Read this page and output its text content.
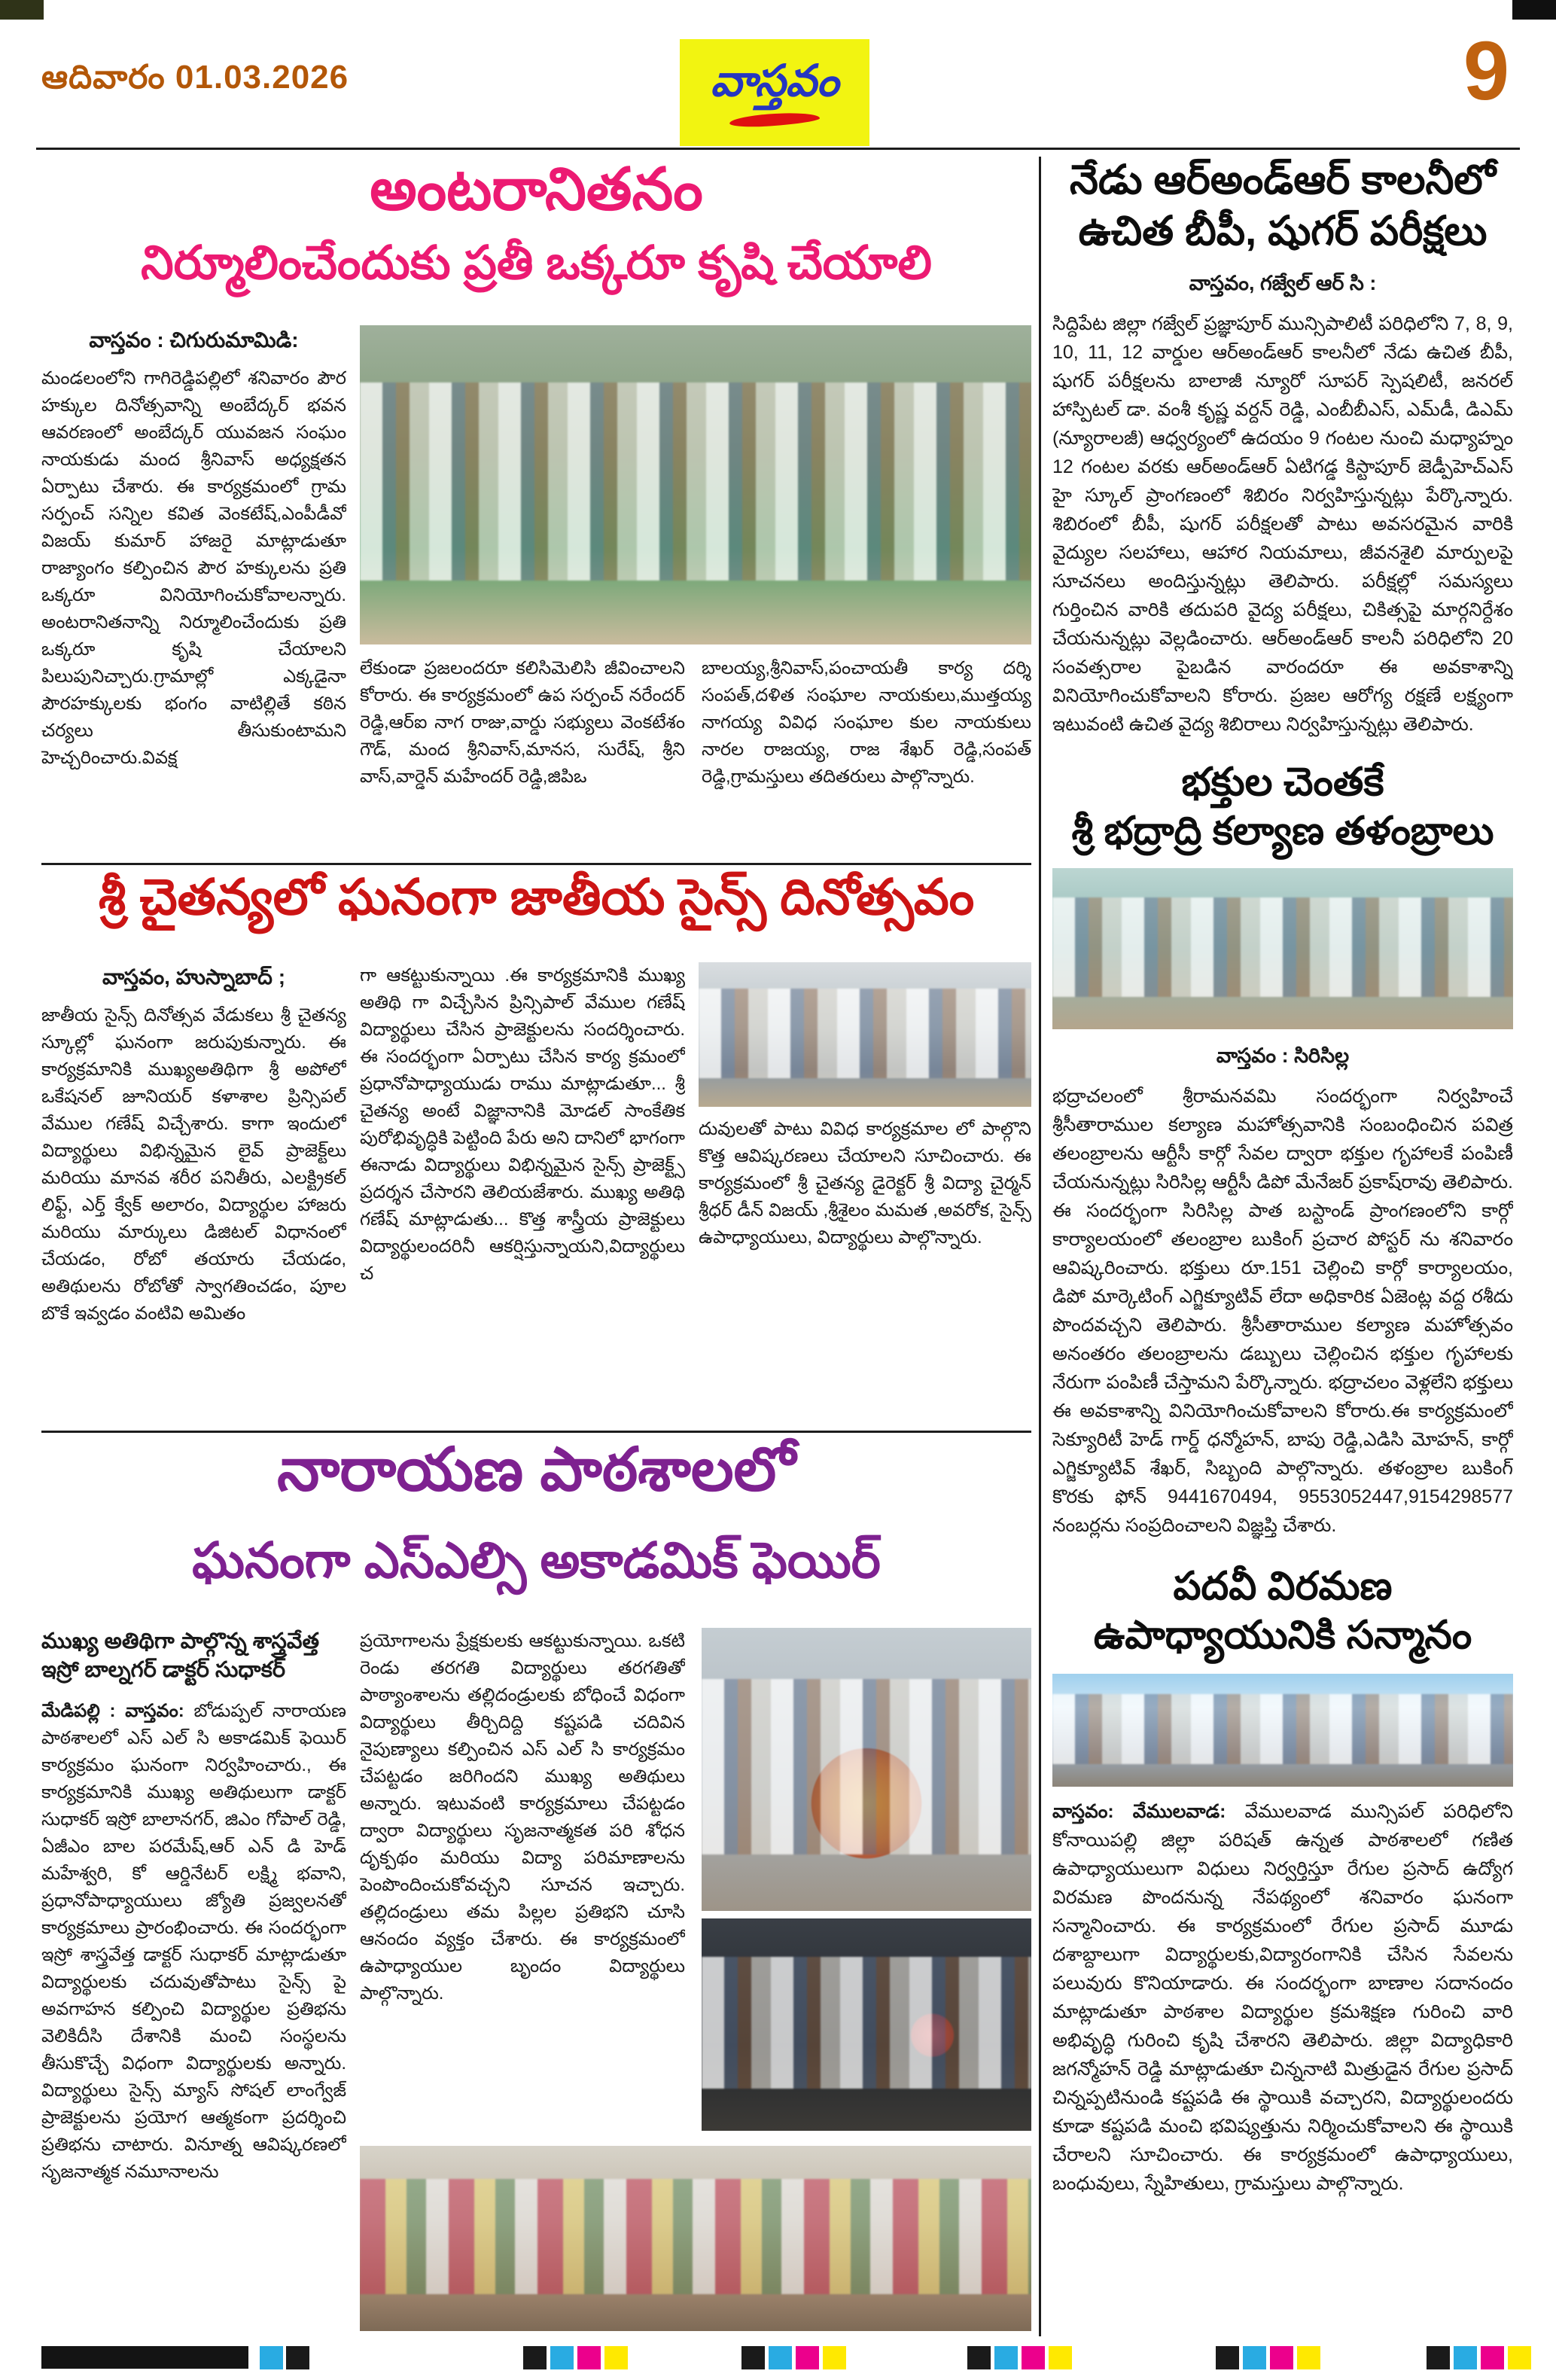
ఆదివారం 01.03.2026	వాస్తవం	9
అంటరానితనం
నిర్మూలించేందుకు ప్రతీ ఒక్కరూ కృషి చేయాలి
వాస్తవం : చిగురుమామిడి:
మండలంలోని గాగిరెడ్డిపల్లిలో శనివారం పౌర హక్కుల దినోత్సవాన్ని అంబేద్కర్ భవన ఆవరణంలో అంబేద్కర్ యువజన సంఘం నాయకుడు మంద శ్రీనివాస్ అధ్యక్షతన ఏర్పాటు చేశారు. ఈ కార్యక్రమంలో గ్రామ సర్పంచ్ సన్నిల కవిత వెంకటేష్,ఎంపీడీవో విజయ్ కుమార్ హాజరై మాట్లాడుతూ రాజ్యాంగం కల్పించిన పౌర హక్కులను ప్రతి ఒక్కరూ వినియోగించుకోవాలన్నారు. అంటరానితనాన్ని నిర్మూలించేందుకు ప్రతి ఒక్కరూ కృషి చేయాలని పిలుపునిచ్చారు.గ్రామాల్లో ఎక్కడైనా పౌరహక్కులకు భంగం వాటిల్లితే కఠిన చర్యలు తీసుకుంటామని హెచ్చరించారు.వివక్ష
లేకుండా ప్రజలందరూ కలిసిమెలిసి జీవించాలని కోరారు. ఈ కార్యక్రమంలో ఉప సర్పంచ్ నరేందర్ రెడ్డి,ఆర్ఐ నాగ రాజు,వార్డు సభ్యులు వెంకటేశం గౌడ్, మంద శ్రీనివాస్,మానస, సురేష్, శ్రీని వాస్,వార్డెన్ మహేందర్ రెడ్డి,జిపిఒ
బాలయ్య,శ్రీనివాస్,పంచాయతీ కార్య దర్శి సంపత్,దళిత సంఘాల నాయకులు,ముత్తయ్య నాగయ్య వివిధ సంఘాల కుల నాయకులు నారల రాజయ్య, రాజ శేఖర్ రెడ్డి,సంపత్ రెడ్డి,గ్రామస్తులు తదితరులు పాల్గొన్నారు.
శ్రీ చైతన్యలో ఘనంగా జాతీయ సైన్స్ దినోత్సవం
వాస్తవం, హుస్నాబాద్ ;
జాతీయ సైన్స్ దినోత్సవ వేడుకలు శ్రీ చైతన్య స్కూల్లో ఘనంగా జరుపుకున్నారు. ఈ కార్యక్రమానికి ముఖ్యఅతిథిగా శ్రీ అపోలో ఒకేషనల్ జూనియర్ కళాశాల ప్రిన్సిపల్ వేముల గణేష్ విచ్చేశారు. కాగా ఇందులో విద్యార్థులు విభిన్నమైన లైవ్ ప్రాజెక్ట్‌లు మరియు మానవ శరీర పనితీరు, ఎలక్ట్రికల్ లిఫ్ట్, ఎర్త్ క్వేక్ అలారం, విద్యార్థుల హాజరు మరియు మార్కులు డిజిటల్ విధానంలో చేయడం, రోబో తయారు చేయడం, అతిథులను రోబోతో స్వాగతించడం, పూల బొకే ఇవ్వడం వంటివి అమితం
గా ఆకట్టుకున్నాయి .ఈ కార్యక్రమానికి ముఖ్య అతిథి గా విచ్చేసిన ప్రిన్సిపాల్ వేముల గణేష్ విద్యార్థులు చేసిన ప్రాజెక్టులను సందర్శించారు. ఈ సందర్భంగా ఏర్పాటు చేసిన కార్య క్రమంలో ప్రధానోపాధ్యాయుడు రాము మాట్లాడుతూ... శ్రీ చైతన్య అంటే విజ్ఞానానికి మోడల్ సాంకేతిక పురోభివృద్ధికి పెట్టింది పేరు అని దానిలో భాగంగా ఈనాడు విద్యార్థులు విభిన్నమైన సైన్స్ ప్రాజెక్ట్స్ ప్రదర్శన చేసారని తెలియజేశారు. ముఖ్య అతిథి గణేష్ మాట్లాడుతు... కొత్త శాస్త్రీయ ప్రాజెక్టులు విద్యార్థులందరినీ ఆకర్షిస్తున్నాయని,విద్యార్థులు చ
దువులతో పాటు వివిధ కార్యక్రమాల లో పాల్గొని కొత్త ఆవిష్కరణలు చేయాలని సూచించారు. ఈ కార్యక్రమంలో శ్రీ చైతన్య డైరెక్టర్ శ్రీ విద్యా చైర్మన్ శ్రీధర్ డీన్ విజయ్ ,శ్రీశైలం మమత ,అవరోక, సైన్స్ ఉపాధ్యాయులు, విద్యార్థులు పాల్గొన్నారు.
నారాయణ పాఠశాలలో
ఘనంగా ఎస్ఎల్సి అకాడమిక్ ఫెయిర్
ముఖ్య అతిథిగా పాల్గొన్న శాస్త్రవేత్త
ఇస్రో బాల్నగర్ డాక్టర్ సుధాకర్
మేడిపల్లి : వాస్తవం: బోడుప్పల్ నారాయణ పాఠశాలలో ఎస్ ఎల్ సి అకాడమిక్ ఫెయిర్ కార్యక్రమం ఘనంగా నిర్వహించారు., ఈ కార్యక్రమానికి ముఖ్య అతిథులుగా డాక్టర్ సుధాకర్ ఇస్రో బాలానగర్, జిఎం గోపాల్ రెడ్డి, ఏజీఎం బాల పరమేష్,ఆర్ ఎన్ డి హెడ్ మహేశ్వరి, కో ఆర్డినేటర్ లక్ష్మి భవాని, ప్రధానోపాధ్యాయులు జ్యోతి ప్రజ్వలనతో కార్యక్రమాలు ప్రారంభించారు. ఈ సందర్భంగా ఇస్రో శాస్త్రవేత్త డాక్టర్ సుధాకర్ మాట్లాడుతూ విద్యార్థులకు చదువుతోపాటు సైన్స్ పై అవగాహన కల్పించి విద్యార్థుల ప్రతిభను వెలికిదీసి దేశానికి మంచి సంస్థలను తీసుకొచ్చే విధంగా విద్యార్థులకు అన్నారు. విద్యార్థులు సైన్స్ మ్యాస్ సోషల్ లాంగ్వేజ్ ప్రాజెక్టులను ప్రయోగ ఆత్మకంగా ప్రదర్శించి ప్రతిభను చాటారు. వినూత్న ఆవిష్కరణలో సృజనాత్మక నమూనాలను
ప్రయోగాలను ప్రేక్షకులకు ఆకట్టుకున్నాయి. ఒకటి రెండు తరగతి విద్యార్థులు తరగతితో పాఠ్యాంశాలను తల్లిదండ్రులకు బోధించే విధంగా విద్యార్థులు తీర్చిదిద్ది కష్టపడి చదివిన నైపుణ్యాలు కల్పించిన ఎస్ ఎల్ సి కార్యక్రమం చేపట్టడం జరిగిందని ముఖ్య అతిథులు అన్నారు. ఇటువంటి కార్యక్రమాలు చేపట్టడం ద్వారా విద్యార్థులు సృజనాత్మకత పరి శోధన దృక్పథం మరియు విద్యా పరిమాణాలను పెంపొందించుకోవచ్చని సూచన ఇచ్చారు. తల్లిదండ్రులు తమ పిల్లల ప్రతిభని చూసి ఆనందం వ్యక్తం చేశారు. ఈ కార్యక్రమంలో ఉపాధ్యాయుల బృందం విద్యార్థులు పాల్గొన్నారు.
నేడు ఆర్అండ్ఆర్ కాలనీలో
ఉచిత బీపీ, షుగర్ పరీక్షలు
వాస్తవం, గజ్వేల్ ఆర్ సి :
సిద్దిపేట జిల్లా గజ్వేల్ ప్రజ్ఞాపూర్ మున్సిపాలిటీ పరిధిలోని 7, 8, 9, 10, 11, 12 వార్డుల ఆర్అండ్ఆర్ కాలనీలో నేడు ఉచిత బీపీ, షుగర్ పరీక్షలను బాలాజీ న్యూరో సూపర్ స్పెషలిటీ, జనరల్ హాస్పిటల్ డా. వంశీ కృష్ణ వర్దన్ రెడ్డి, ఎంబీబీఎస్, ఎమ్‌డీ, డిఎమ్ (న్యూరాలజీ) ఆధ్వర్యంలో ఉదయం 9 గంటల నుంచి మధ్యాహ్నం 12 గంటల వరకు ఆర్అండ్ఆర్ ఏటిగడ్డ కిస్టాపూర్ జెడ్పీహెచ్ఎస్ హై స్కూల్ ప్రాంగణంలో శిబిరం నిర్వహిస్తున్నట్లు పేర్కొన్నారు. శిబిరంలో బీపీ, షుగర్ పరీక్షలతో పాటు అవసరమైన వారికి వైద్యుల సలహాలు, ఆహార నియమాలు, జీవనశైలి మార్పులపై సూచనలు అందిస్తున్నట్లు తెలిపారు. పరీక్షల్లో సమస్యలు గుర్తించిన వారికి తదుపరి వైద్య పరీక్షలు, చికిత్సపై మార్గనిర్దేశం చేయనున్నట్లు వెల్లడించారు. ఆర్అండ్ఆర్ కాలనీ పరిధిలోని 20 సంవత్సరాల పైబడిన వారందరూ ఈ అవకాశాన్ని వినియోగించుకోవాలని కోరారు. ప్రజల ఆరోగ్య రక్షణే లక్ష్యంగా ఇటువంటి ఉచిత వైద్య శిబిరాలు నిర్వహిస్తున్నట్లు తెలిపారు.
భక్తుల చెంతకే
శ్రీ భద్రాద్రి కల్యాణ తళంబ్రాలు
వాస్తవం : సిరిసిల్ల
భద్రాచలంలో శ్రీరామనవమి సందర్భంగా నిర్వహించే శ్రీసీతారాముల కల్యాణ మహోత్సవానికి సంబంధించిన పవిత్ర తలంబ్రాలను ఆర్టీసీ కార్గో సేవల ద్వారా భక్తుల గృహాలకే పంపిణీ చేయనున్నట్లు సిరిసిల్ల ఆర్టీసీ డిపో మేనేజర్ ప్రకాష్‌రావు తెలిపారు. ఈ సందర్భంగా సిరిసిల్ల పాత బస్టాండ్ ప్రాంగణంలోని కార్గో కార్యాలయంలో తలంబ్రాల బుకింగ్ ప్రచార పోస్టర్ ను శనివారం ఆవిష్కరించారు. భక్తులు రూ.151 చెల్లించి కార్గో కార్యాలయం, డిపో మార్కెటింగ్ ఎగ్జిక్యూటివ్ లేదా అధికారిక ఏజెంట్ల వద్ద రశీదు పొందవచ్చని తెలిపారు. శ్రీసీతారాముల కల్యాణ మహోత్సవం అనంతరం తలంబ్రాలను డబ్బులు చెల్లించిన భక్తుల గృహాలకు నేరుగా పంపిణీ చేస్తామని పేర్కొన్నారు. భద్రాచలం వెళ్లలేని భక్తులు ఈ అవకాశాన్ని వినియోగించుకోవాలని కోరారు.ఈ కార్యక్రమంలో సెక్యూరిటీ హెడ్ గార్డ్ ధన్మోహన్, బాపు రెడ్డి,ఎడిసి మోహన్, కార్గో ఎగ్జిక్యూటివ్ శేఖర్, సిబ్బంది పాల్గొన్నారు. తళంబ్రాల బుకింగ్ కొరకు ఫోన్ 9441670494, 9553052447,9154298577 నంబర్లను సంప్రదించాలని విజ్ఞప్తి చేశారు.
పదవీ విరమణ
ఉపాధ్యాయునికి సన్మానం
వాస్తవం: వేములవాడ: వేములవాడ మున్సిపల్ పరిధిలోని కోనాయిపల్లి జిల్లా పరిషత్ ఉన్నత పాఠశాలలో గణిత ఉపాధ్యాయులుగా విధులు నిర్వర్తిస్తూ రేగుల ప్రసాద్ ఉద్యోగ విరమణ పొందనున్న నేపథ్యంలో శనివారం ఘనంగా సన్మానించారు. ఈ కార్యక్రమంలో రేగుల ప్రసాద్ మూడు దశాబ్దాలుగా విద్యార్థులకు,విద్యారంగానికి చేసిన సేవలను పలువురు కొనియాడారు. ఈ సందర్భంగా బాణాల సదానందం మాట్లాడుతూ పాఠశాల విద్యార్థుల క్రమశిక్షణ గురించి వారి అభివృద్ధి గురించి కృషి చేశారని తెలిపారు. జిల్లా విద్యాధికారి జగన్మోహన్ రెడ్డి మాట్లాడుతూ చిన్ననాటి మిత్రుడైన రేగుల ప్రసాద్ చిన్నప్పటినుండి కష్టపడి ఈ స్థాయికి వచ్చారని, విద్యార్థులందరు కూడా కష్టపడి మంచి భవిష్యత్తును నిర్మించుకోవాలని ఈ స్థాయికి చేరాలని సూచించారు. ఈ కార్యక్రమంలో ఉపాధ్యాయులు, బంధువులు, స్నేహితులు, గ్రామస్తులు పాల్గొన్నారు.
